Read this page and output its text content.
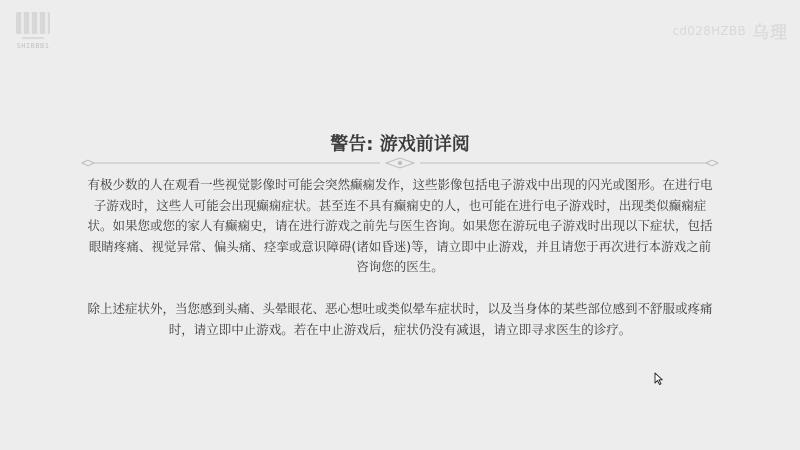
SHIBBB1
cd028HZBB 乌理
警告: 游戏前详阅

有极少数的人在观看一些视觉影像时可能会突然癫痫发作，这些影像包括电子游戏中出现的闪光或图形。在进行电子游戏时，这些人可能会出现癫痫症状。甚至连不具有癫痫史的人，也可能在进行电子游戏时，出现类似癫痫症状。如果您或您的家人有癫痫史，请在进行游戏之前先与医生咨询。如果您在游玩电子游戏时出现以下症状，包括眼睛疼痛、视觉异常、偏头痛、痉挛或意识障碍(诸如昏迷)等，请立即中止游戏，并且请您于再次进行本游戏之前咨询您的医生。

除上述症状外，当您感到头痛、头晕眼花、恶心想吐或类似晕车症状时，以及当身体的某些部位感到不舒服或疼痛时，请立即中止游戏。若在中止游戏后，症状仍没有减退，请立即寻求医生的诊疗。
